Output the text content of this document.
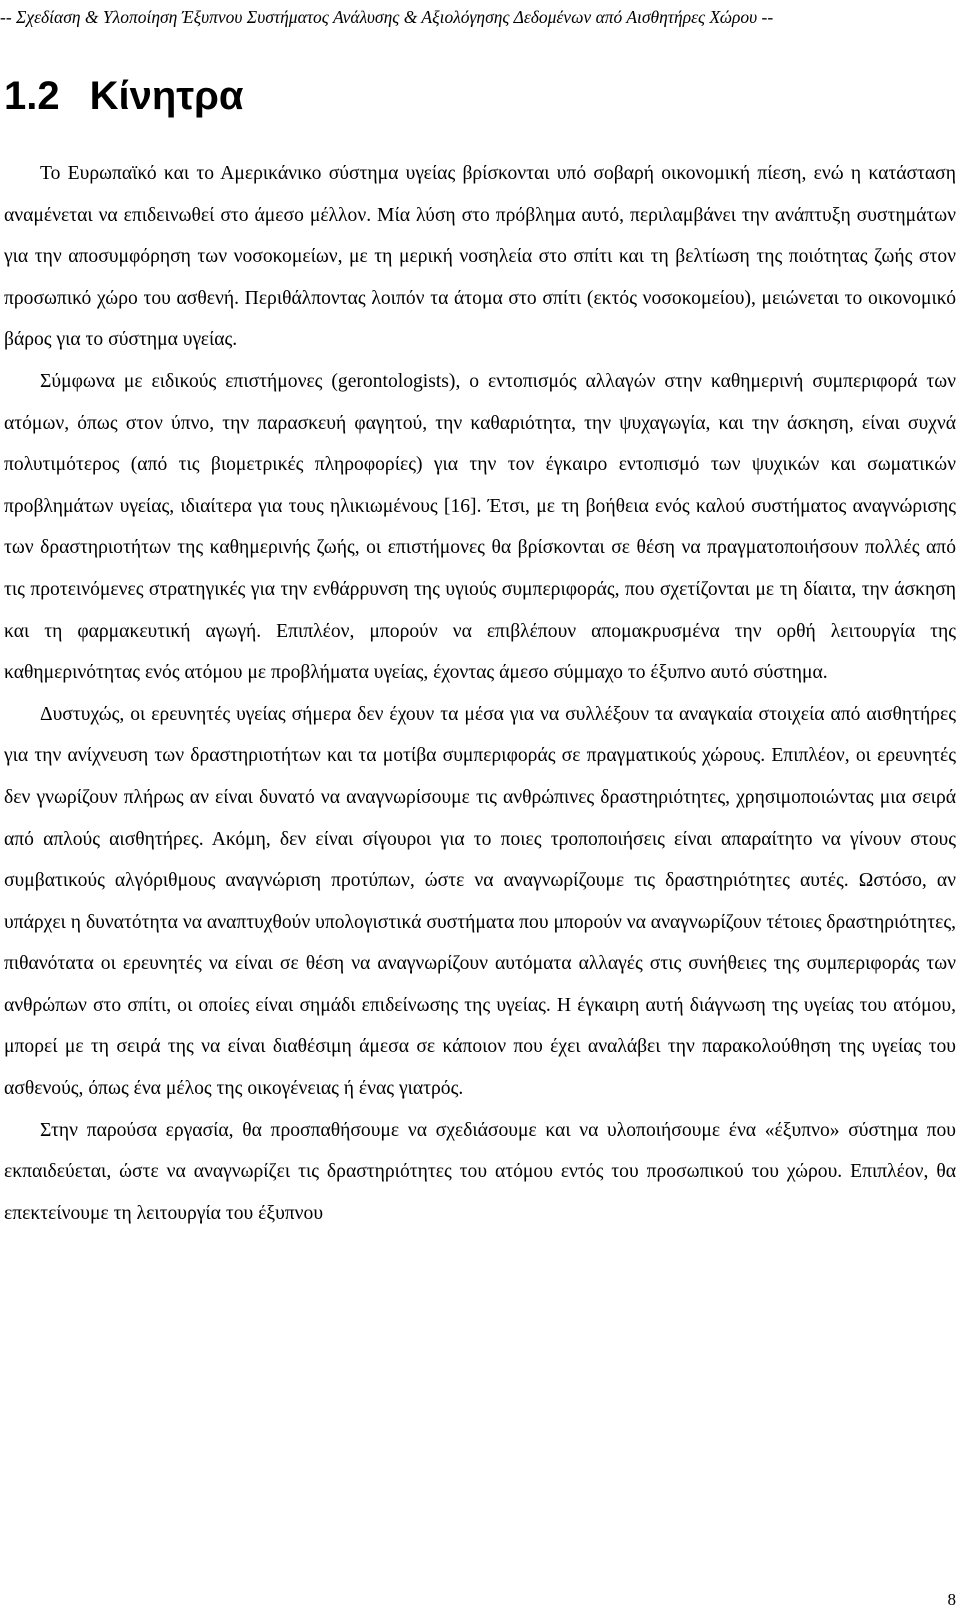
-- Σχεδίαση & Υλοποίηση Έξυπνου Συστήματος Ανάλυσης & Αξιολόγησης Δεδομένων από Αισθητήρες Χώρου --
1.2 Κίνητρα

Το Ευρωπαϊκό και το Αμερικάνικο σύστημα υγείας βρίσκονται υπό σοβαρή οικονομική πίεση, ενώ η κατάσταση αναμένεται να επιδεινωθεί στο άμεσο μέλλον. Μία λύση στο πρόβλημα αυτό, περιλαμβάνει την ανάπτυξη συστημάτων για την αποσυμφόρηση των νοσοκομείων, με τη μερική νοσηλεία στο σπίτι και τη βελτίωση της ποιότητας ζωής στον προσωπικό χώρο του ασθενή. Περιθάλποντας λοιπόν τα άτομα στο σπίτι (εκτός νοσοκομείου), μειώνεται το οικονομικό βάρος για το σύστημα υγείας.

Σύμφωνα με ειδικούς επιστήμονες (gerontologists), ο εντοπισμός αλλαγών στην καθημερινή συμπεριφορά των ατόμων, όπως στον ύπνο, την παρασκευή φαγητού, την καθαριότητα, την ψυχαγωγία, και την άσκηση, είναι συχνά πολυτιμότερος (από τις βιομετρικές πληροφορίες) για την τον έγκαιρο εντοπισμό των ψυχικών και σωματικών προβλημάτων υγείας, ιδιαίτερα για τους ηλικιωμένους [16]. Έτσι, με τη βοήθεια ενός καλού συστήματος αναγνώρισης των δραστηριοτήτων της καθημερινής ζωής, οι επιστήμονες θα βρίσκονται σε θέση να πραγματοποιήσουν πολλές από τις προτεινόμενες στρατηγικές για την ενθάρρυνση της υγιούς συμπεριφοράς, που σχετίζονται με τη δίαιτα, την άσκηση και τη φαρμακευτική αγωγή. Επιπλέον, μπορούν να επιβλέπουν απομακρυσμένα την ορθή λειτουργία της καθημερινότητας ενός ατόμου με προβλήματα υγείας, έχοντας άμεσο σύμμαχο το έξυπνο αυτό σύστημα.

Δυστυχώς, οι ερευνητές υγείας σήμερα δεν έχουν τα μέσα για να συλλέξουν τα αναγκαία στοιχεία από αισθητήρες για την ανίχνευση των δραστηριοτήτων και τα μοτίβα συμπεριφοράς σε πραγματικούς χώρους. Επιπλέον, οι ερευνητές δεν γνωρίζουν πλήρως αν είναι δυνατό να αναγνωρίσουμε τις ανθρώπινες δραστηριότητες, χρησιμοποιώντας μια σειρά από απλούς αισθητήρες. Ακόμη, δεν είναι σίγουροι για το ποιες τροποποιήσεις είναι απαραίτητο να γίνουν στους συμβατικούς αλγόριθμους αναγνώριση προτύπων, ώστε να αναγνωρίζουμε τις δραστηριότητες αυτές. Ωστόσο, αν υπάρχει η δυνατότητα να αναπτυχθούν υπολογιστικά συστήματα που μπορούν να αναγνωρίζουν τέτοιες δραστηριότητες, πιθανότατα οι ερευνητές να είναι σε θέση να αναγνωρίζουν αυτόματα αλλαγές στις συνήθειες της συμπεριφοράς των ανθρώπων στο σπίτι, οι οποίες είναι σημάδι επιδείνωσης της υγείας. Η έγκαιρη αυτή διάγνωση της υγείας του ατόμου, μπορεί με τη σειρά της να είναι διαθέσιμη άμεσα σε κάποιον που έχει αναλάβει την παρακολούθηση της υγείας του ασθενούς, όπως ένα μέλος της οικογένειας ή ένας γιατρός.

Στην παρούσα εργασία, θα προσπαθήσουμε να σχεδιάσουμε και να υλοποιήσουμε ένα «έξυπνο» σύστημα που εκπαιδεύεται, ώστε να αναγνωρίζει τις δραστηριότητες του ατόμου εντός του προσωπικού του χώρου. Επιπλέον, θα επεκτείνουμε τη λειτουργία του έξυπνου

8
